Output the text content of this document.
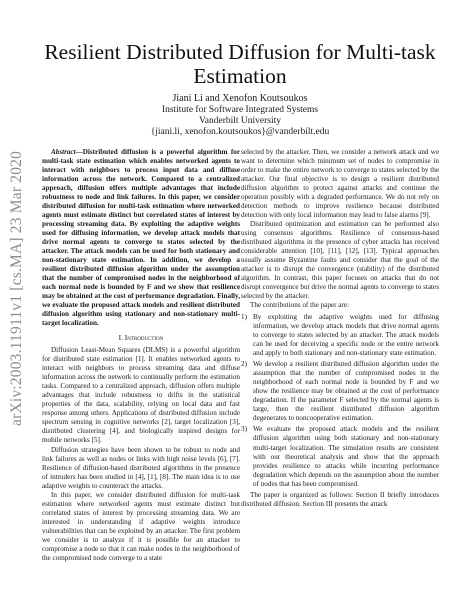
arXiv:2003.11911v1 [cs.MA] 23 Mar 2020
Resilient Distributed Diffusion for Multi-task
Estimation
Jiani Li and Xenofon Koutsoukos
Institute for Software Integrated Systems
Vanderbilt University
{jiani.li, xenofon.koutsoukos}@vanderbilt.edu

Abstract—Distributed diffusion is a powerful algorithm for multi-task state estimation which enables networked agents to interact with neighbors to process input data and diffuse information across the network. Compared to a centralized approach, diffusion offers multiple advantages that include robustness to node and link failures. In this paper, we consider distributed diffusion for multi-task estimation where networked agents must estimate distinct but correlated states of interest by processing streaming data. By exploiting the adaptive weights used for diffusing information, we develop attack models that drive normal agents to converge to states selected by the attacker. The attack models can be used for both stationary and non-stationary state estimation. In addition, we develop a resilient distributed diffusion algorithm under the assumption that the number of compromised nodes in the neighborhood of each normal node is bounded by F and we show that resilience may be obtained at the cost of performance degradation. Finally, we evaluate the proposed attack models and resilient distributed diffusion algorithm using stationary and non-stationary multi-target localization.

I. Introduction

Diffusion Least-Mean Squares (DLMS) is a powerful algorithm for distributed state estimation [1]. It enables networked agents to interact with neighbors to process streaming data and diffuse information across the network to continually perform the estimation tasks. Compared to a centralized approach, diffusion offers multiple advantages that include robustness to drifts in the statistical properties of the data, scalability, relying on local data and fast response among others. Applications of distributed diffusion include spectrum sensing in cognitive networks [2], target localization [3], distributed clustering [4], and biologically inspired designs for mobile networks [5].

Diffusion strategies have been shown to be robust to node and link failures as well as nodes or links with high noise levels [6], [7]. Resilience of diffusion-based distributed algorithms in the presence of intruders has been studied in [4], [1], [8]. The main idea is to use adaptive weights to counteract the attacks.

In this paper, we consider distributed diffusion for multi-task estimation where networked agents must estimate distinct but correlated states of interest by processing streaming data. We are interested in understanding if adaptive weights introduce vulnerabilities that can be exploited by an attacker. The first problem we consider is to analyze if it is possible for an attacker to compromise a node so that it can make nodes in the neighborhood of the compromised node converge to a state

selected by the attacker. Then, we consider a network attack and we want to determine which minimum set of nodes to compromise in order to make the entire network to converge to states selected by the attacker. Our final objective is to design a resilient distributed diffusion algorithm to protect against attacks and continue the operation possibly with a degraded performance. We do not rely on detection methods to improve resilience because distributed detection with only local information may lead to false alarms [9].

Distributed optimization and estimation can be performed also using consensus algorithms. Resilience of consensus-based distributed algorithms in the presence of cyber attacks has received considerable attention [10], [11], [12], [13]. Typical approaches usually assume Byzantine faults and consider that the goal of the attacker is to disrupt the convergence (stability) of the distributed algorithm. In contrast, this paper focuses on attacks that do not disrupt convergence but drive the normal agents to converge to states selected by the attacker.

The contributions of the paper are:

1) By exploiting the adaptive weights used for diffusing information, we develop attack models that drive normal agents to converge to states selected by an attacker. The attack models can be used for deceiving a specific node or the entire network and apply to both stationary and non-stationary state estimation.
2) We develop a resilient distributed diffusion algorithm under the assumption that the number of compromised nodes in the neighborhood of each normal node is bounded by F and we show the resilience may be obtained at the cost of performance degradation. If the parameter F selected by the normal agents is large, then the resilient distributed diffusion algorithm degenerates to noncooperative estimation.
3) We evaluate the proposed attack models and the resilient diffusion algorithm using both stationary and non-stationary multi-target localization. The simulation results are consistent with our theoretical analysis and show that the approach provides resilience to attacks while incurring performance degradation which depends on the assumption about the number of nodes that has been compromised.

The paper is organized as follows: Section II briefly introduces distributed diffusion. Section III presents the attack
